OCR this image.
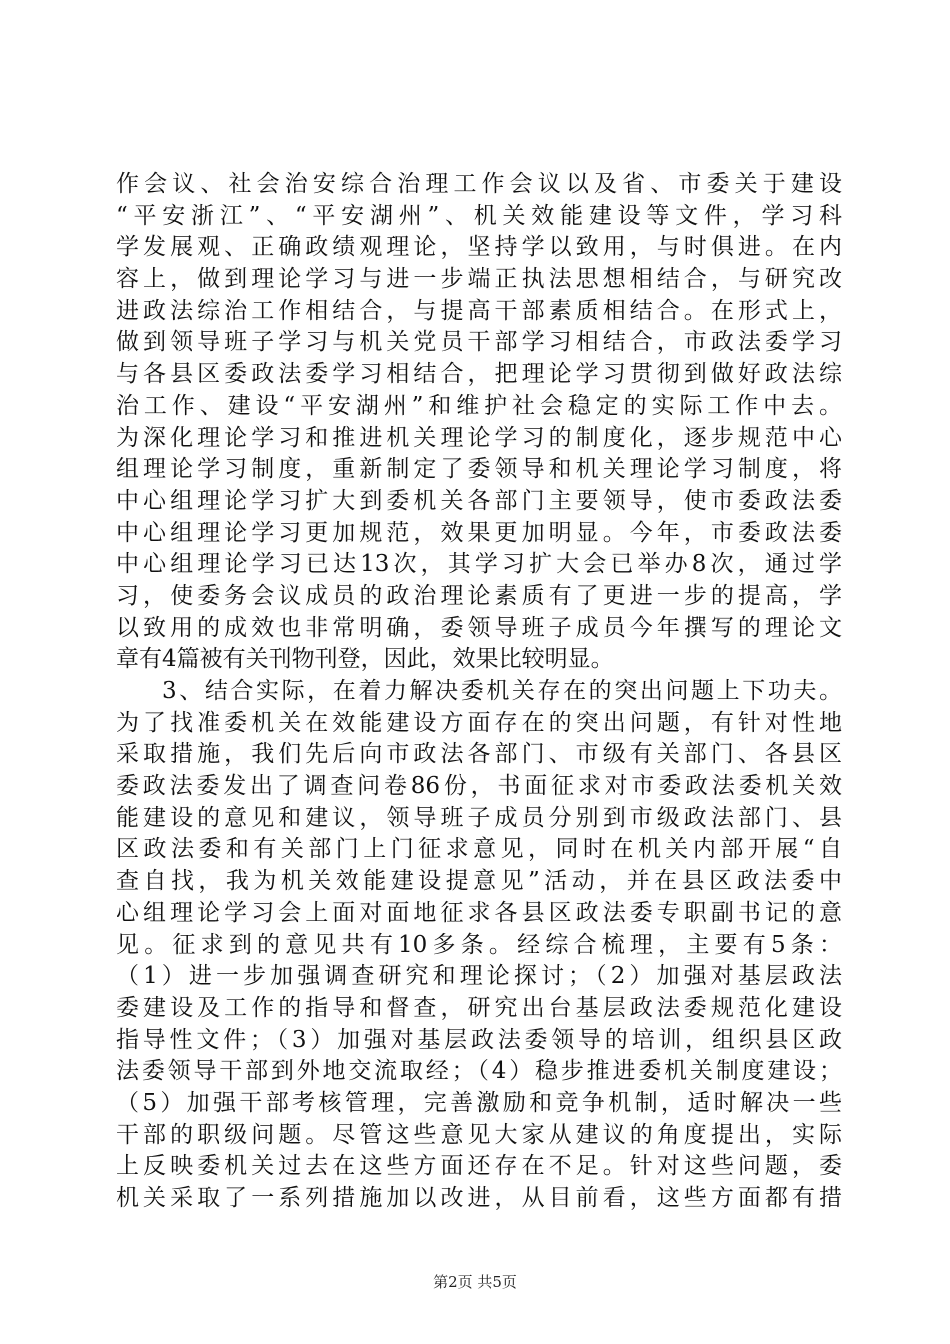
作会议、社会治安综合治理工作会议以及省、市委关于建设
“平安浙江”、“平安湖州”、机关效能建设等文件，学习科
学发展观、正确政绩观理论，坚持学以致用，与时俱进。在内
容上，做到理论学习与进一步端正执法思想相结合，与研究改
进政法综治工作相结合，与提高干部素质相结合。在形式上，
做到领导班子学习与机关党员干部学习相结合，市政法委学习
与各县区委政法委学习相结合，把理论学习贯彻到做好政法综
治工作、建设“平安湖州”和维护社会稳定的实际工作中去。
为深化理论学习和推进机关理论学习的制度化，逐步规范中心
组理论学习制度，重新制定了委领导和机关理论学习制度，将
中心组理论学习扩大到委机关各部门主要领导，使市委政法委
中心组理论学习更加规范，效果更加明显。今年，市委政法委
中心组理论学习已达13次，其学习扩大会已举办8次，通过学
习，使委务会议成员的政治理论素质有了更进一步的提高，学
以致用的成效也非常明确，委领导班子成员今年撰写的理论文
章有4篇被有关刊物刊登，因此，效果比较明显。
3、结合实际，在着力解决委机关存在的突出问题上下功夫。
为了找准委机关在效能建设方面存在的突出问题，有针对性地
采取措施，我们先后向市政法各部门、市级有关部门、各县区
委政法委发出了调查问卷86份，书面征求对市委政法委机关效
能建设的意见和建议，领导班子成员分别到市级政法部门、县
区政法委和有关部门上门征求意见，同时在机关内部开展“自
查自找，我为机关效能建设提意见”活动，并在县区政法委中
心组理论学习会上面对面地征求各县区政法委专职副书记的意
见。征求到的意见共有10多条。经综合梳理，主要有5条：
（1）进一步加强调查研究和理论探讨；（2）加强对基层政法
委建设及工作的指导和督查，研究出台基层政法委规范化建设
指导性文件；（3）加强对基层政法委领导的培训，组织县区政
法委领导干部到外地交流取经；（4）稳步推进委机关制度建设；
（5）加强干部考核管理，完善激励和竞争机制，适时解决一些
干部的职级问题。尽管这些意见大家从建议的角度提出，实际
上反映委机关过去在这些方面还存在不足。针对这些问题，委
机关采取了一系列措施加以改进，从目前看，这些方面都有措
第2页 共5页
